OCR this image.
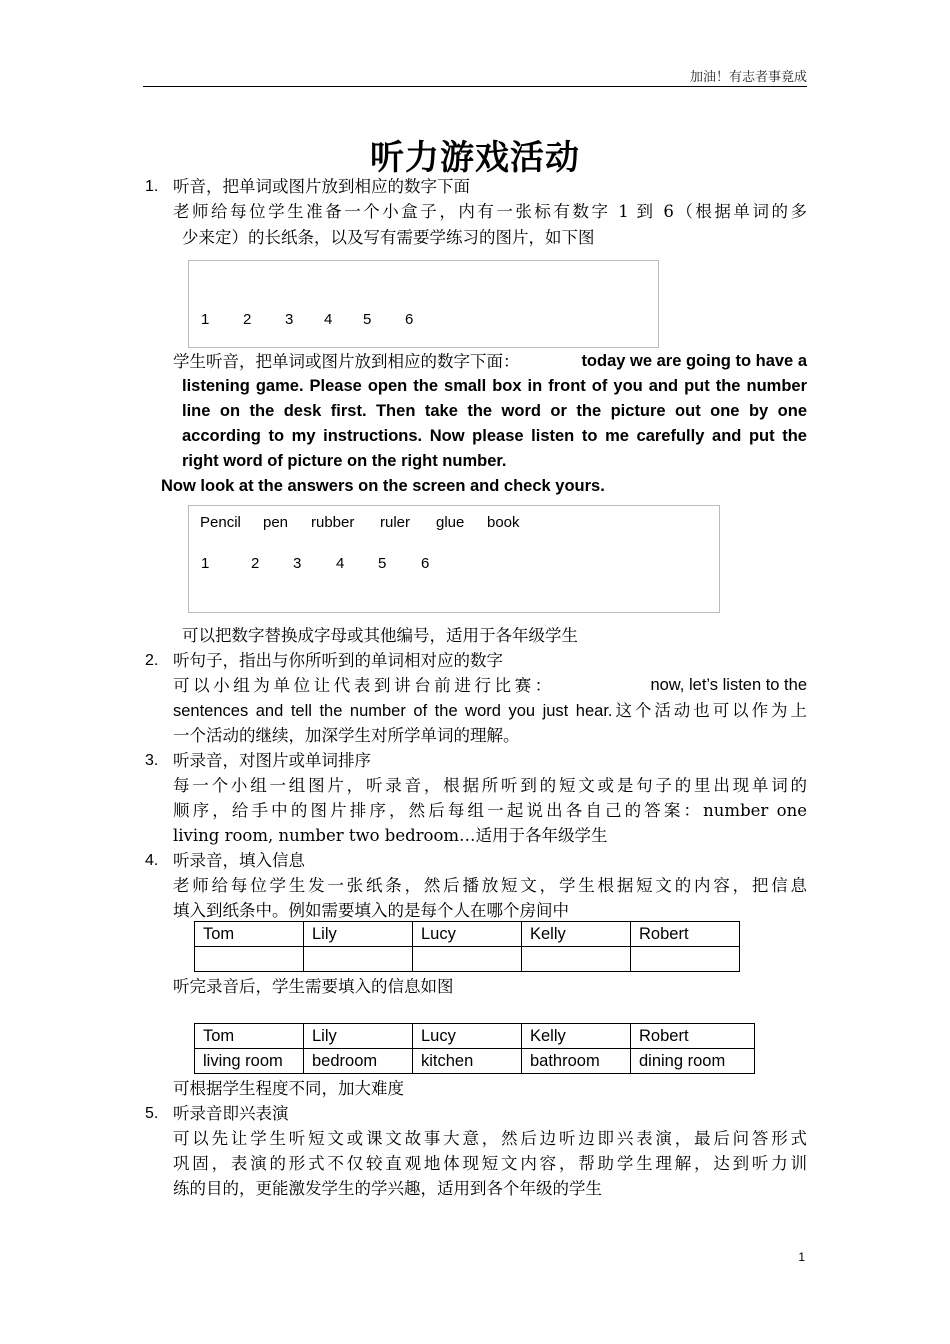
加油！有志者事竟成
听力游戏活动
1. 听音，把单词或图片放到相应的数字下面
老师给每位学生准备一个小盒子，内有一张标有数字 1 到 6（根据单词的多
少来定）的长纸条，以及写有需要学练习的图片，如下图
1 2 3 4 5 6
学生听音，把单词或图片放到相应的数字下面：	today we are going to have a
listening game. Please open the small box in front of you and put the number
line on the desk first. Then take the word or the picture out one by one
according to my instructions. Now please listen to me carefully and put the
right word of picture on the right number.
Now look at the answers on the screen and check yours.
Pencil pen rubber ruler glue book
1	2 3 4 5 6
可以把数字替换成字母或其他编号，适用于各年级学生
2. 听句子，指出与你所听到的单词相对应的数字
可以小组为单位让代表到讲台前进行比赛：	now, let’s listen to the
sentences and tell the number of the word you just hear.这个活动也可以作为上
一个活动的继续，加深学生对所学单词的理解。
3. 听录音，对图片或单词排序
每一个小组一组图片，听录音，根据所听到的短文或是句子的里出现单词的
顺序，给手中的图片排序，然后每组一起说出各自己的答案：number one
living room, number two bedroom…适用于各年级学生
4. 听录音，填入信息
老师给每位学生发一张纸条，然后播放短文，学生根据短文的内容，把信息
填入到纸条中。例如需要填入的是每个人在哪个房间中
Tom	Lily	Lucy	Kelly	Robert

听完录音后，学生需要填入的信息如图
Tom	Lily	Lucy	Kelly	Robert
living room	bedroom	kitchen	bathroom	dining room
可根据学生程度不同，加大难度
5. 听录音即兴表演
可以先让学生听短文或课文故事大意，然后边听边即兴表演，最后问答形式
巩固，表演的形式不仅较直观地体现短文内容，帮助学生理解，达到听力训
练的目的，更能激发学生的学兴趣，适用到各个年级的学生
1
